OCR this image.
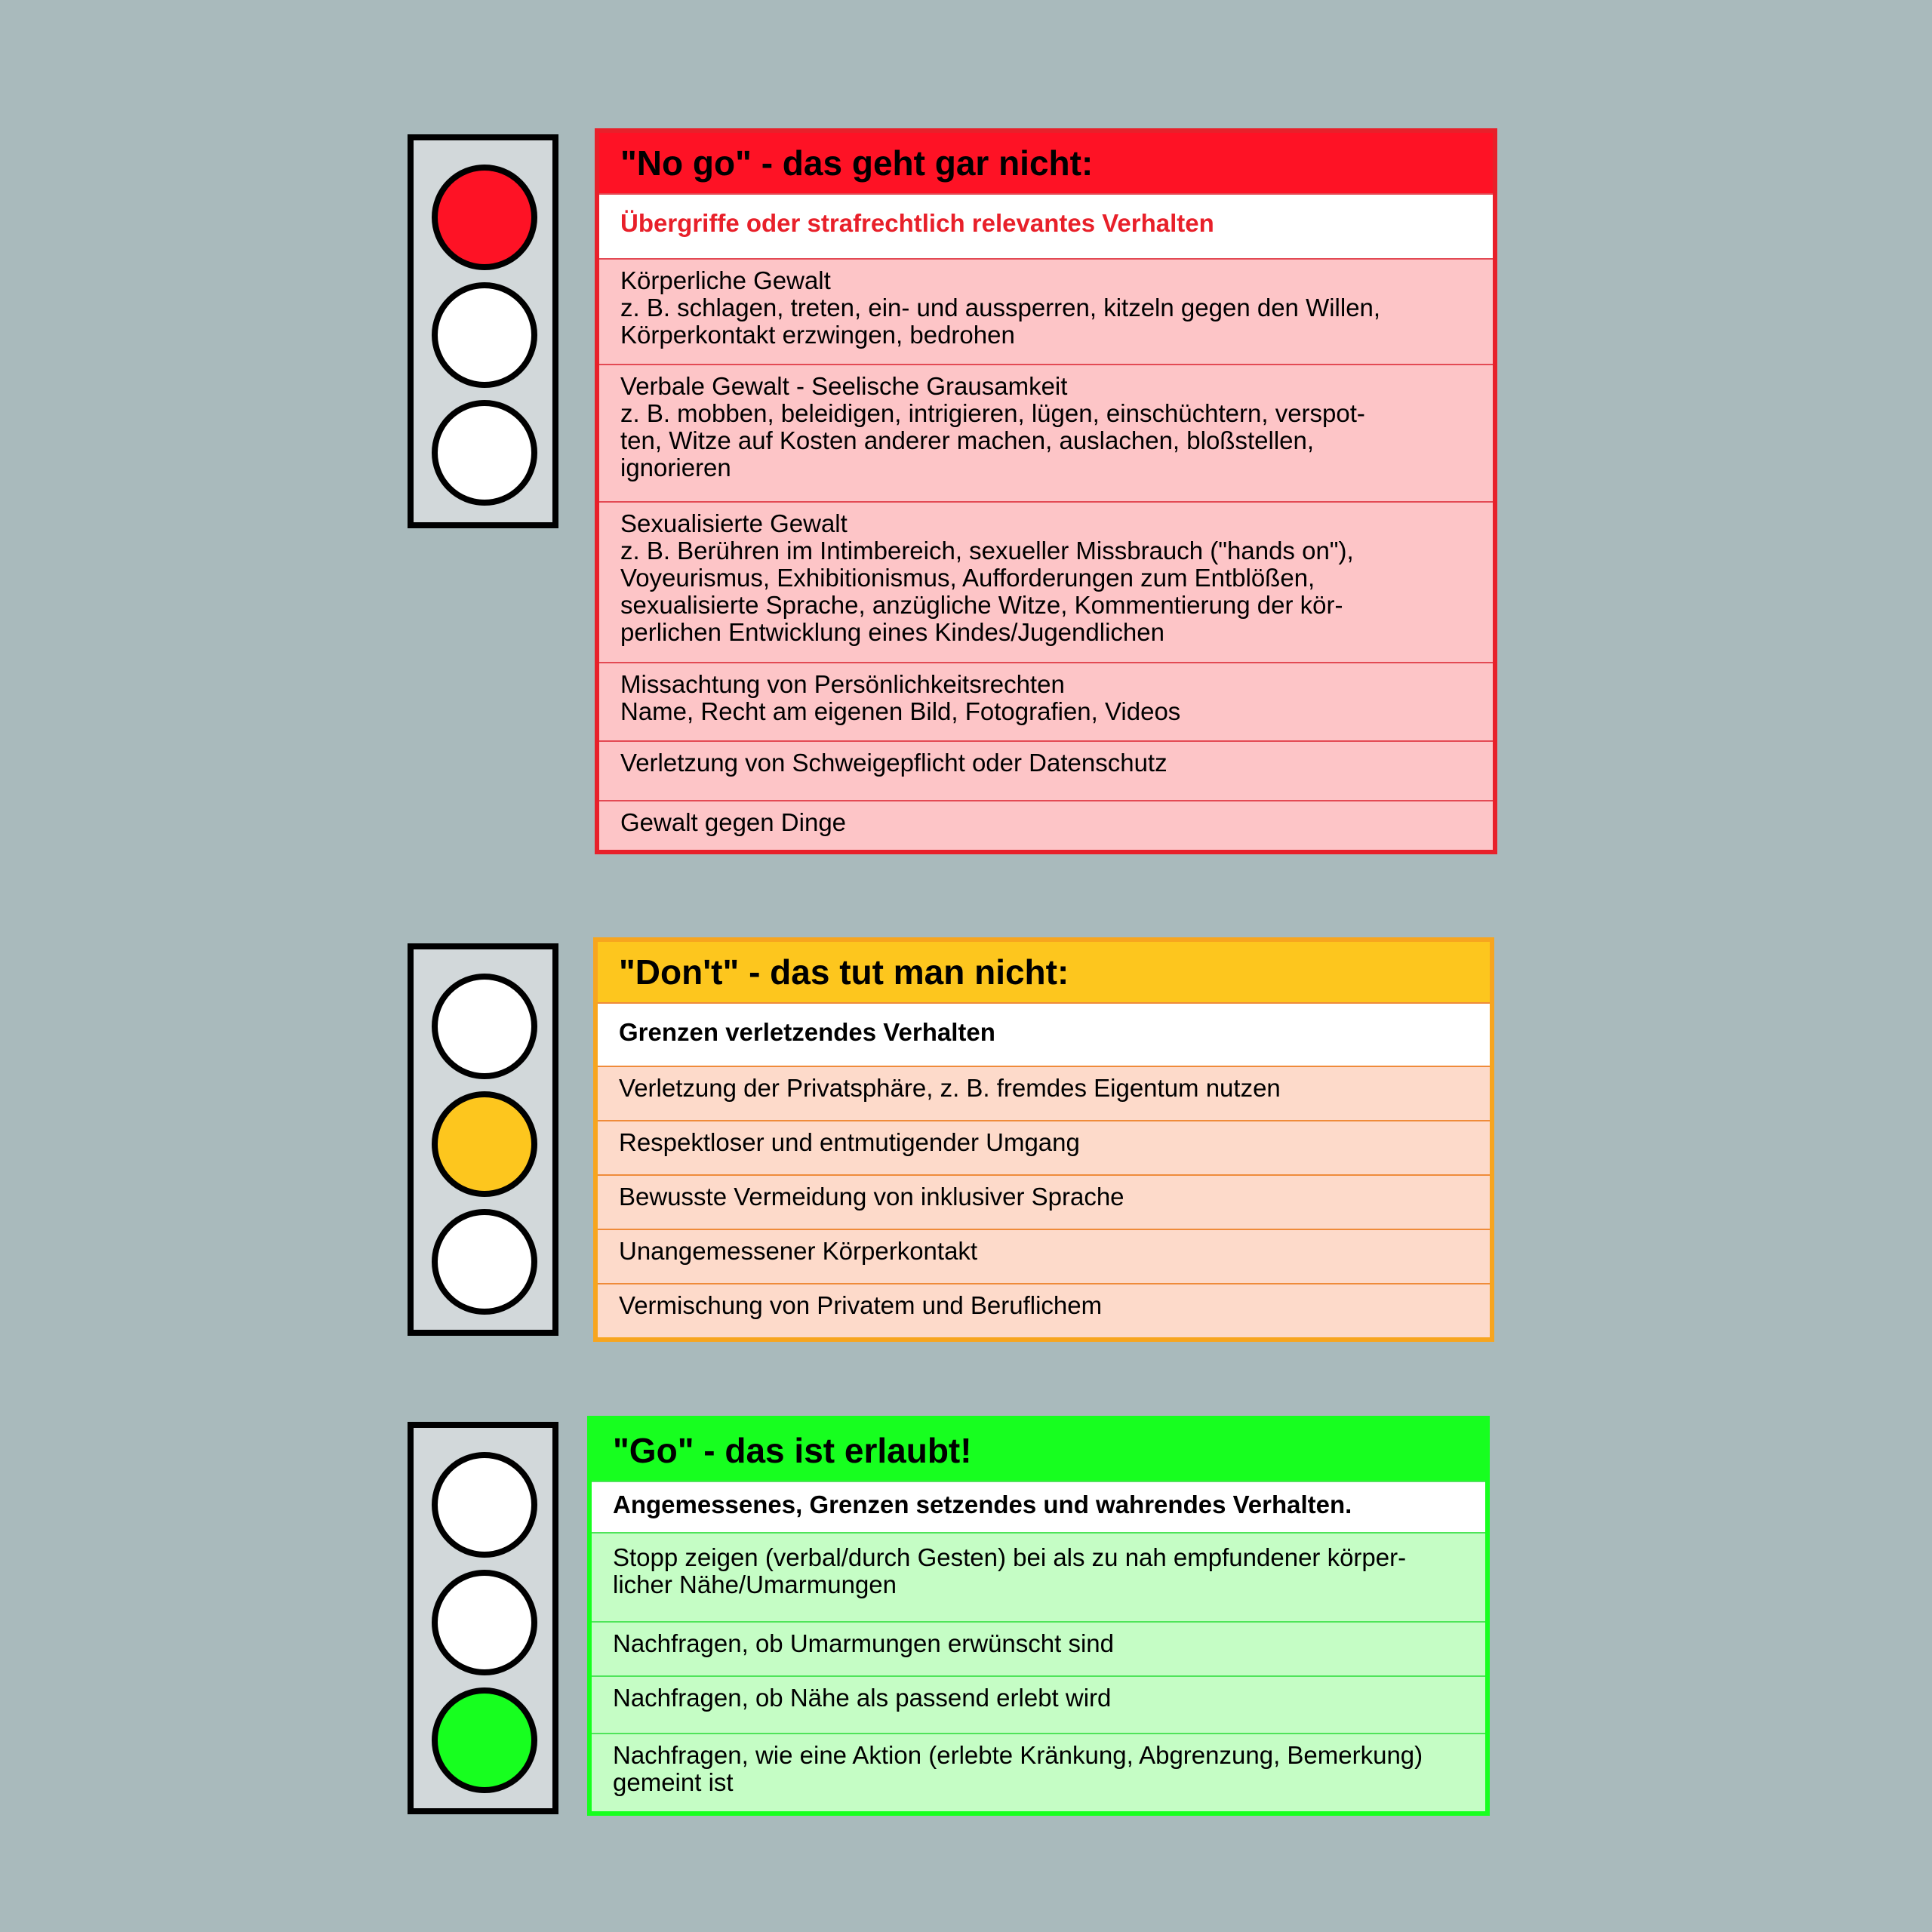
"No go" - das geht gar nicht:
Übergriffe oder strafrechtlich relevantes Verhalten
Körperliche Gewalt
z. B. schlagen, treten, ein- und aussperren, kitzeln gegen den Willen,
Körperkontakt erzwingen, bedrohen
Verbale Gewalt - Seelische Grausamkeit
z. B. mobben, beleidigen, intrigieren, lügen, einschüchtern, verspot-
ten, Witze auf Kosten anderer machen, auslachen, bloßstellen,
ignorieren
Sexualisierte Gewalt
z. B. Berühren im Intimbereich, sexueller Missbrauch ("hands on"),
Voyeurismus, Exhibitionismus, Aufforderungen zum Entblößen,
sexualisierte Sprache, anzügliche Witze, Kommentierung der kör-
perlichen Entwicklung eines Kindes/Jugendlichen
Missachtung von Persönlichkeitsrechten
Name, Recht am eigenen Bild, Fotografien, Videos
Verletzung von Schweigepflicht oder Datenschutz
Gewalt gegen Dinge
"Don't" - das tut man nicht:
Grenzen verletzendes Verhalten
Verletzung der Privatsphäre, z. B. fremdes Eigentum nutzen
Respektloser und entmutigender Umgang
Bewusste Vermeidung von inklusiver Sprache
Unangemessener Körperkontakt
Vermischung von Privatem und Beruflichem
"Go" - das ist erlaubt!
Angemessenes, Grenzen setzendes und wahrendes Verhalten.
Stopp zeigen (verbal/durch Gesten) bei als zu nah empfundener körper-
licher Nähe/Umarmungen
Nachfragen, ob Umarmungen erwünscht sind
Nachfragen, ob Nähe als passend erlebt wird
Nachfragen, wie eine Aktion (erlebte Kränkung, Abgrenzung, Bemerkung)
gemeint ist
